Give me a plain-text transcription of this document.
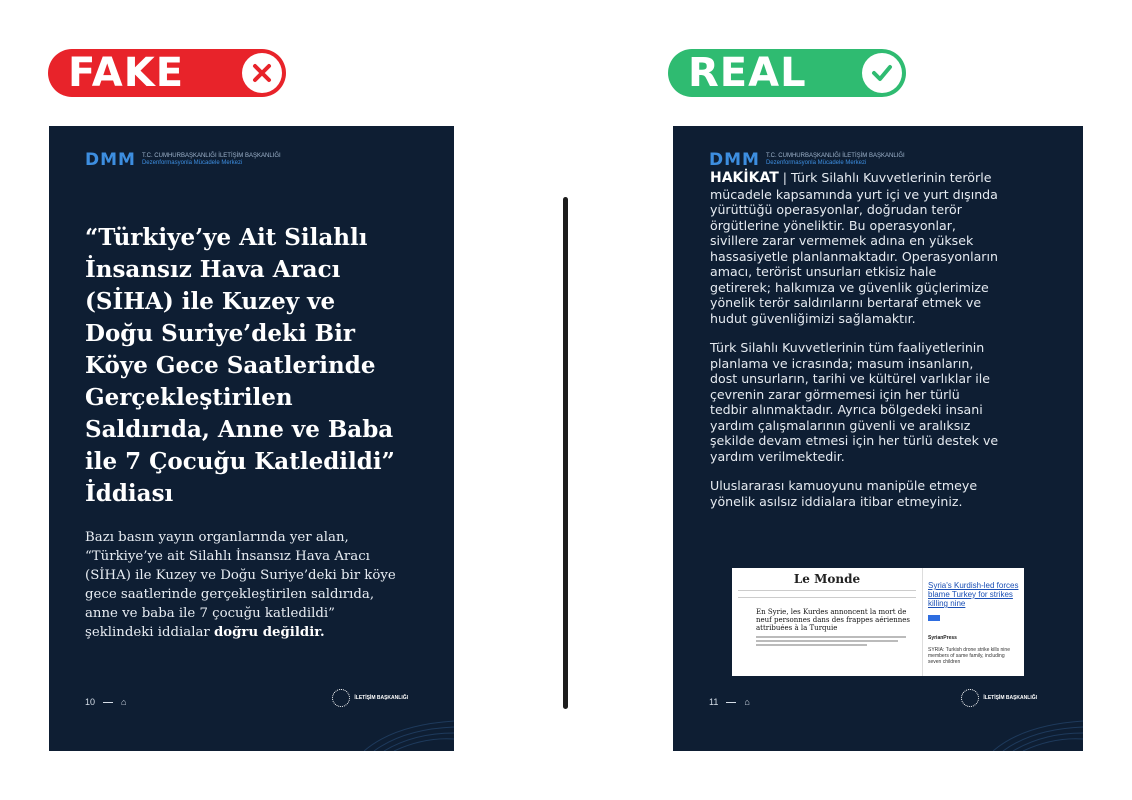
FAKE	REAL
DMM T.C. CUMHURBAŞKANLIĞI İLETİŞİM BAŞKANLIĞI
Dezenformasyonla Mücadele Merkezi
“Türkiye’ye Ait Silahlı İnsansız Hava Aracı (SİHA) ile Kuzey ve Doğu Suriye’deki Bir Köye Gece Saatlerinde Gerçekleştirilen Saldırıda, Anne ve Baba ile 7 Çocuğu Katledildi” İddiası
Bazı basın yayın organlarında yer alan, “Türkiye’ye ait Silahlı İnsansız Hava Aracı (SİHA) ile Kuzey ve Doğu Suriye’deki bir köye gece saatlerinde gerçekleştirilen saldırıda, anne ve baba ile 7 çocuğu katledildi” şeklindeki iddialar doğru değildir.
10	⌂	İLETİŞİM BAŞKANLIĞI
DMM T.C. CUMHURBAŞKANLIĞI İLETİŞİM BAŞKANLIĞI
Dezenformasyonla Mücadele Merkezi

HAKİKAT | Türk Silahlı Kuvvetlerinin terörle mücadele kapsamında yurt içi ve yurt dışında yürüttüğü operasyonlar, doğrudan terör örgütlerine yöneliktir. Bu operasyonlar, sivillere zarar vermemek adına en yüksek hassasiyetle planlanmaktadır. Operasyonların amacı, terörist unsurları etkisiz hale getirerek; halkımıza ve güvenlik güçlerimize yönelik terör saldırılarını bertaraf etmek ve hudut güvenliğimizi sağlamaktır.

Türk Silahlı Kuvvetlerinin tüm faaliyetlerinin planlama ve icrasında; masum insanların, dost unsurların, tarihi ve kültürel varlıklar ile çevrenin zarar görmemesi için her türlü tedbir alınmaktadır. Ayrıca bölgedeki insani yardım çalışmalarının güvenli ve aralıksız şekilde devam etmesi için her türlü destek ve yardım verilmektedir.

Uluslararası kamuoyunu manipüle etmeye yönelik asılsız iddialara itibar etmeyiniz.

Le Monde
En Syrie, les Kurdes annoncent la mort de neuf personnes dans des frappes aériennes attribuées à la Turquie
Syria's Kurdish-led forces blame Turkey for strikes killing nine
SyrianPress
SYRIA: Turkish drone strike kills nine members of same family, including seven children
11	⌂	İLETİŞİM BAŞKANLIĞI
